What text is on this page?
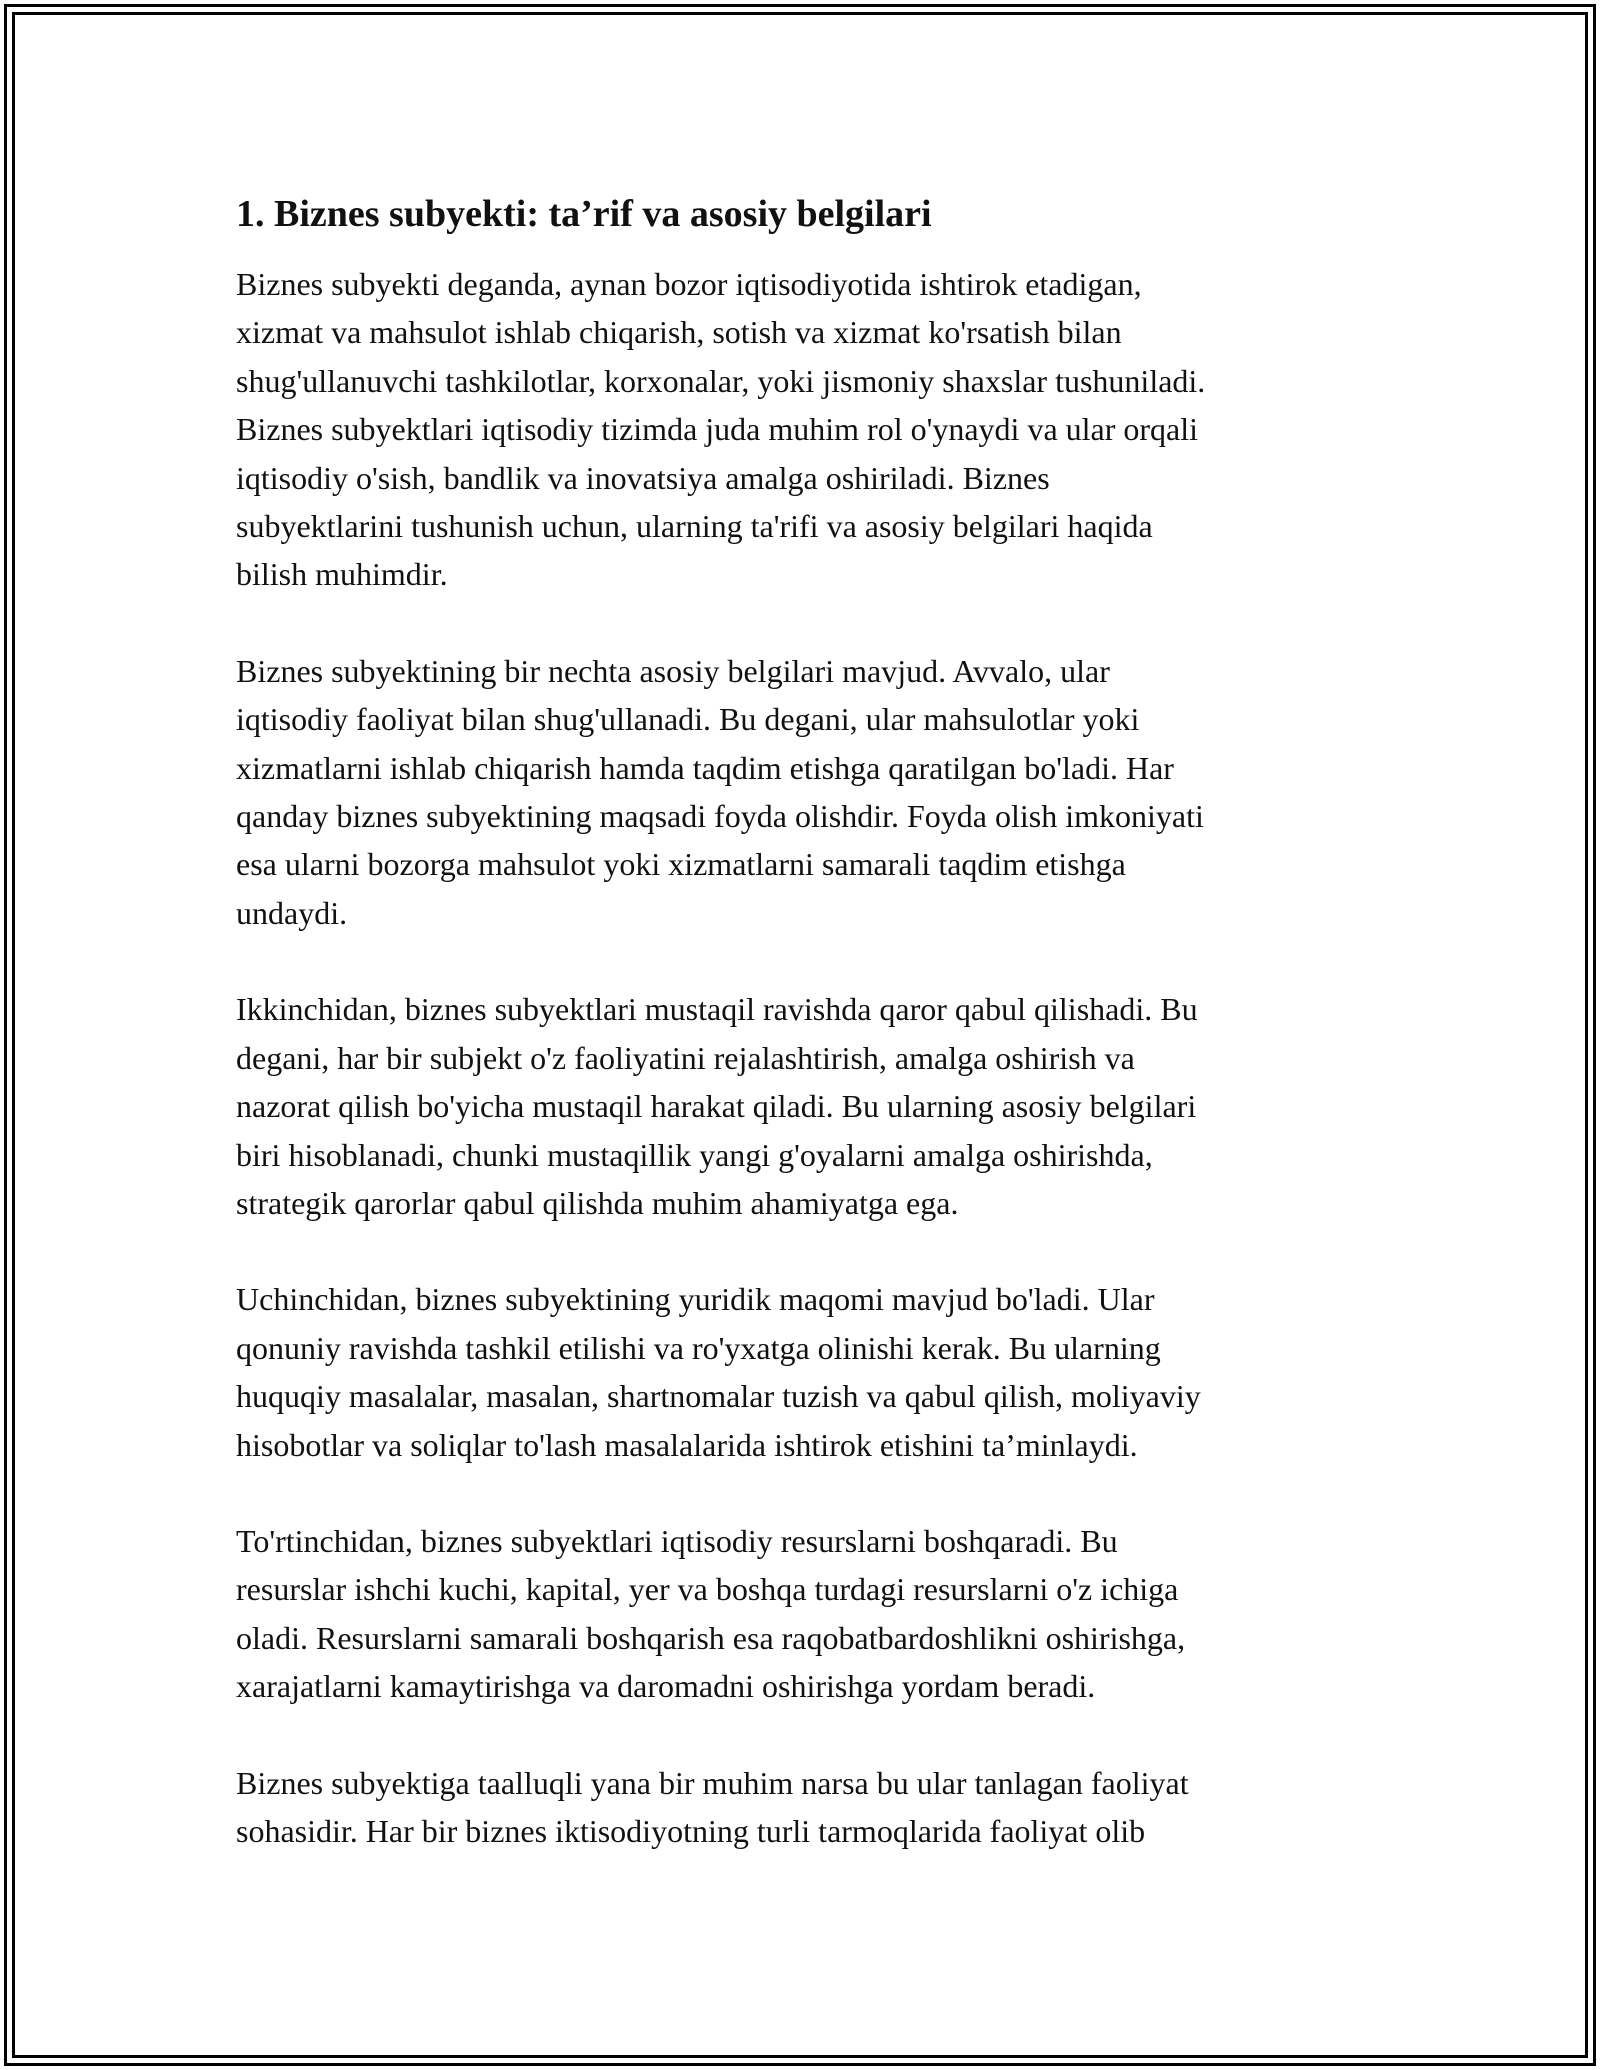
1. Biznes subyekti: ta’rif va asosiy belgilari

Biznes subyekti deganda, aynan bozor iqtisodiyotida ishtirok etadigan,
xizmat va mahsulot ishlab chiqarish, sotish va xizmat ko'rsatish bilan
shug'ullanuvchi tashkilotlar, korxonalar, yoki jismoniy shaxslar tushuniladi.
Biznes subyektlari iqtisodiy tizimda juda muhim rol o'ynaydi va ular orqali
iqtisodiy o'sish, bandlik va inovatsiya amalga oshiriladi. Biznes
subyektlarini tushunish uchun, ularning ta'rifi va asosiy belgilari haqida
bilish muhimdir.

Biznes subyektining bir nechta asosiy belgilari mavjud. Avvalo, ular
iqtisodiy faoliyat bilan shug'ullanadi. Bu degani, ular mahsulotlar yoki
xizmatlarni ishlab chiqarish hamda taqdim etishga qaratilgan bo'ladi. Har
qanday biznes subyektining maqsadi foyda olishdir. Foyda olish imkoniyati
esa ularni bozorga mahsulot yoki xizmatlarni samarali taqdim etishga
undaydi.

Ikkinchidan, biznes subyektlari mustaqil ravishda qaror qabul qilishadi. Bu
degani, har bir subjekt o'z faoliyatini rejalashtirish, amalga oshirish va
nazorat qilish bo'yicha mustaqil harakat qiladi. Bu ularning asosiy belgilari
biri hisoblanadi, chunki mustaqillik yangi g'oyalarni amalga oshirishda,
strategik qarorlar qabul qilishda muhim ahamiyatga ega.

Uchinchidan, biznes subyektining yuridik maqomi mavjud bo'ladi. Ular
qonuniy ravishda tashkil etilishi va ro'yxatga olinishi kerak. Bu ularning
huquqiy masalalar, masalan, shartnomalar tuzish va qabul qilish, moliyaviy
hisobotlar va soliqlar to'lash masalalarida ishtirok etishini ta’minlaydi.

To'rtinchidan, biznes subyektlari iqtisodiy resurslarni boshqaradi. Bu
resurslar ishchi kuchi, kapital, yer va boshqa turdagi resurslarni o'z ichiga
oladi. Resurslarni samarali boshqarish esa raqobatbardoshlikni oshirishga,
xarajatlarni kamaytirishga va daromadni oshirishga yordam beradi.

Biznes subyektiga taalluqli yana bir muhim narsa bu ular tanlagan faoliyat
sohasidir. Har bir biznes iktisodiyotning turli tarmoqlarida faoliyat olib
